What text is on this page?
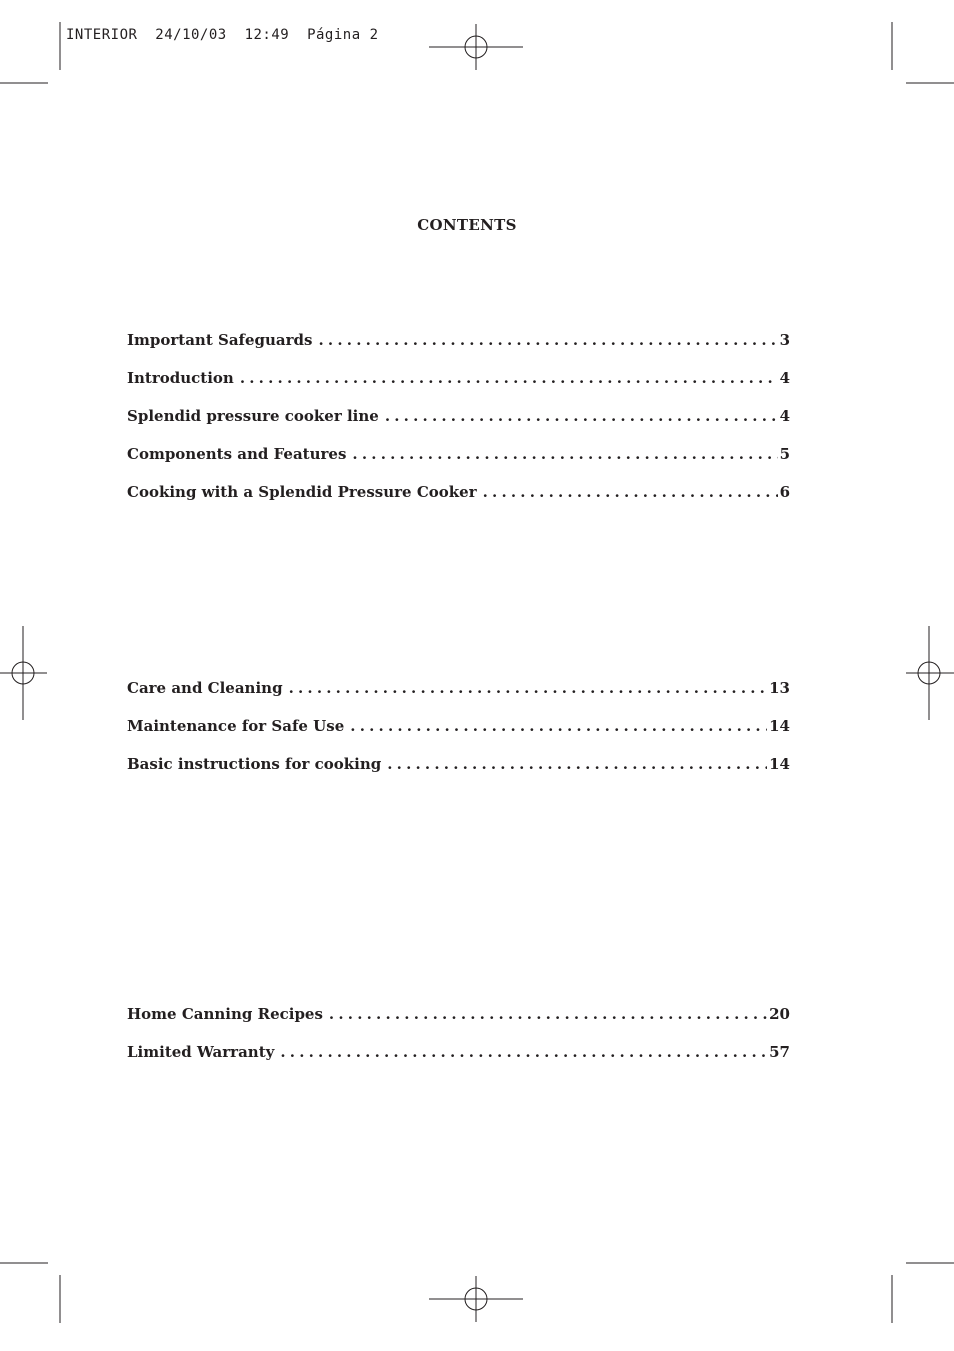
INTERIOR  24/10/03  12:49  Página 2
CONTENTS
Important Safeguards .....	3
Introduction .....	4
Splendid pressure cooker line .....	4
Components and Features .....	5
Cooking with a Splendid Pressure Cooker .....	6
Care and Cleaning .....	13
Maintenance for Safe Use .....	14
Basic instructions for cooking .....	14
Home Canning Recipes .....	20
Limited Warranty .....	57
